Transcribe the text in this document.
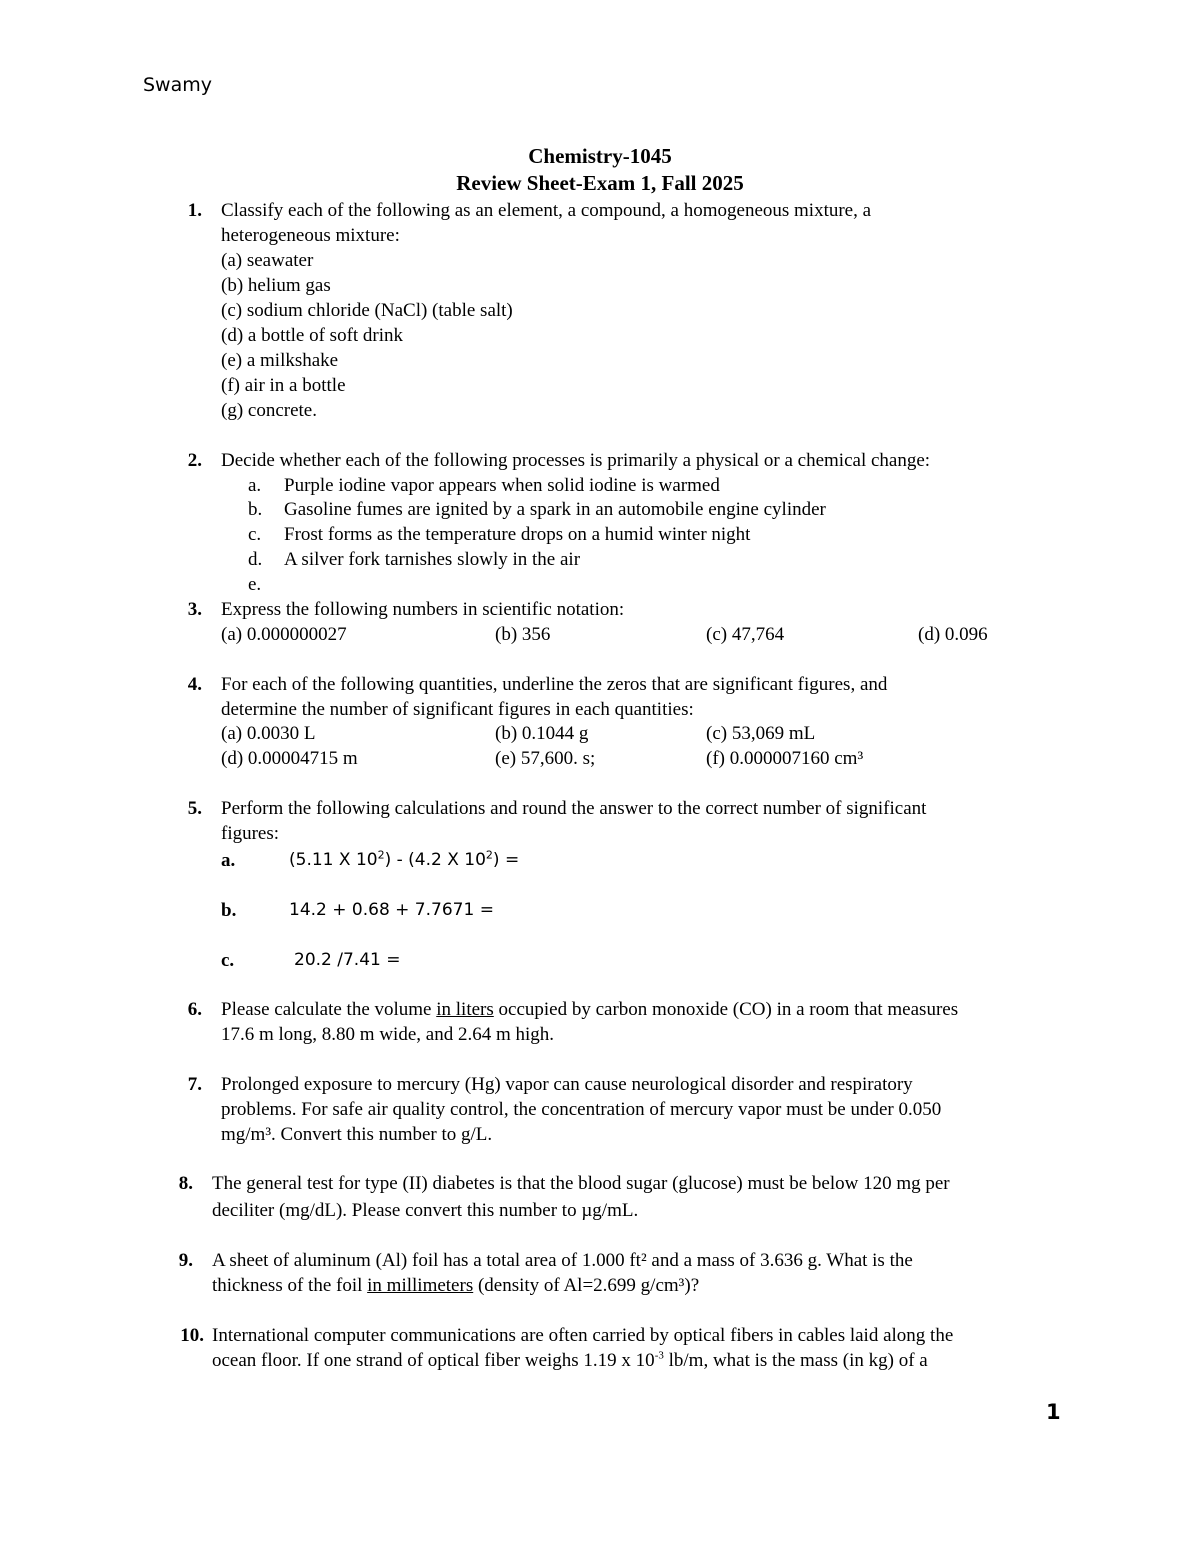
Swamy
Chemistry-1045
Review Sheet-Exam 1, Fall 2025
1. Classify each of the following as an element, a compound, a homogeneous mixture, a
heterogeneous mixture:
(a) seawater
(b) helium gas
(c) sodium chloride (NaCl) (table salt)
(d) a bottle of soft drink
(e) a milkshake
(f) air in a bottle
(g) concrete.
2. Decide whether each of the following processes is primarily a physical or a chemical change:
a. Purple iodine vapor appears when solid iodine is warmed
b. Gasoline fumes are ignited by a spark in an automobile engine cylinder
c. Frost forms as the temperature drops on a humid winter night
d. A silver fork tarnishes slowly in the air
e.
3. Express the following numbers in scientific notation:
(a) 0.000000027	(b) 356	(c) 47,764	(d) 0.096
4. For each of the following quantities, underline the zeros that are significant figures, and
determine the number of significant figures in each quantities:
(a) 0.0030 L	(b) 0.1044 g	(c) 53,069 mL
(d) 0.00004715 m	(e) 57,600. s;	(f) 0.000007160 cm³
5. Perform the following calculations and round the answer to the correct number of significant
figures:
a.	(5.11 X $10^2) - (4.2$ X $10^2$) =
b.	14.2 + 0.68 + 7.7671 =
c.	20.2 /7.41 =
6. Please calculate the volume in liters occupied by carbon monoxide (CO) in a room that measures
17.6 m long, 8.80 m wide, and 2.64 m high.
7. Prolonged exposure to mercury (Hg) vapor can cause neurological disorder and respiratory
problems. For safe air quality control, the concentration of mercury vapor must be under 0.050
mg/m³. Convert this number to g/L.
8. The general test for type (II) diabetes is that the blood sugar (glucose) must be below 120 mg per
deciliter (mg/dL). Please convert this number to µg/mL.
9. A sheet of aluminum (Al) foil has a total area of 1.000 ft² and a mass of 3.636 g. What is the
thickness of the foil in millimeters (density of Al=2.699 g/cm³)?
10. International computer communications are often carried by optical fibers in cables laid along the
ocean floor. If one strand of optical fiber weighs 1.19 x $10^{-3}$ lb/m, what is the mass (in kg) of a
1
